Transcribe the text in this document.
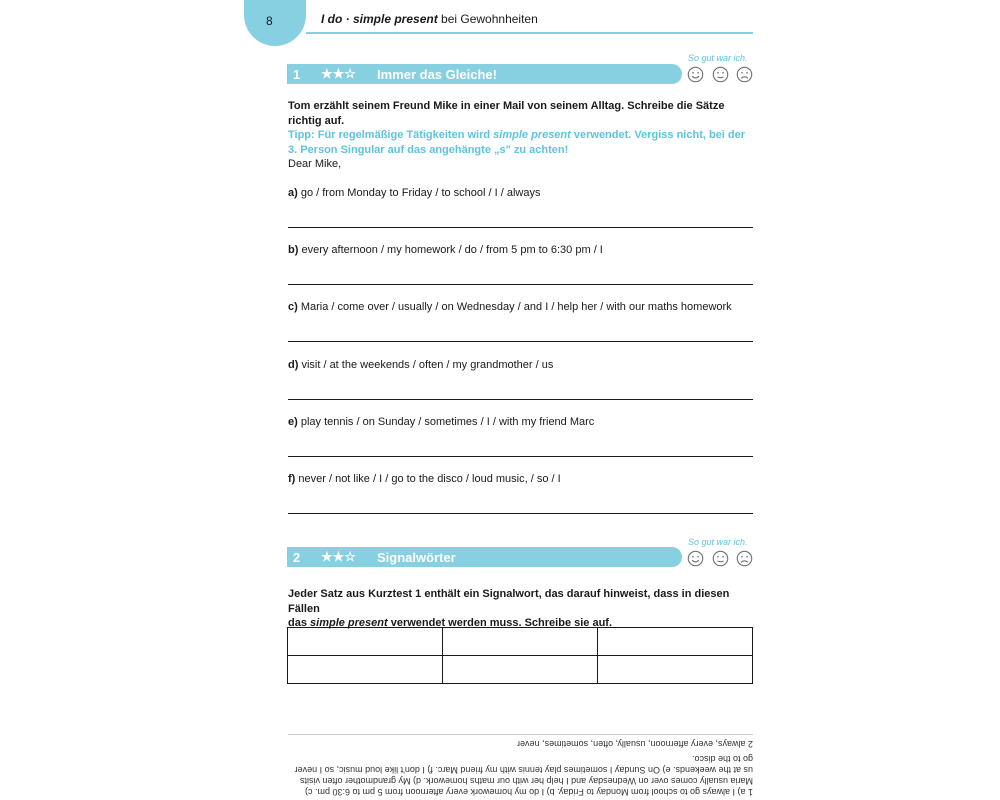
8	I do · simple present bei Gewohnheiten
So gut war ich.
1 ★★☆ Immer das Gleiche!
Tom erzählt seinem Freund Mike in einer Mail von seinem Alltag. Schreibe die Sätze richtig auf.
Tipp: Für regelmäßige Tätigkeiten wird simple present verwendet. Vergiss nicht, bei der
3. Person Singular auf das angehängte „s" zu achten!
Dear Mike,
a) go / from Monday to Friday / to school / I / always
b) every afternoon / my homework / do / from 5 pm to 6:30 pm / I
c) Maria / come over / usually / on Wednesday / and I / help her / with our maths homework
d) visit / at the weekends / often / my grandmother / us
e) play tennis / on Sunday / sometimes / I / with my friend Marc
f) never / not like / I / go to the disco / loud music, / so / I
So gut war ich.
2 ★★☆ Signalwörter
Jeder Satz aus Kurztest 1 enthält ein Signalwort, das darauf hinweist, dass in diesen Fällen
das simple present verwendet werden muss. Schreibe sie auf.

1 a) I always go to school from Monday to Friday. b) I do my homework every afternoon from 5 pm to 6:30 pm. c)

Maria usually comes over on Wednesday and I help her with our maths homework. d) My grandmother often visits

us at the weekends. e) On Sunday I sometimes play tennis with my friend Marc. f) I don't like loud music, so I never

go to the disco.

2 always, every afternoon, usually, often, sometimes, never
